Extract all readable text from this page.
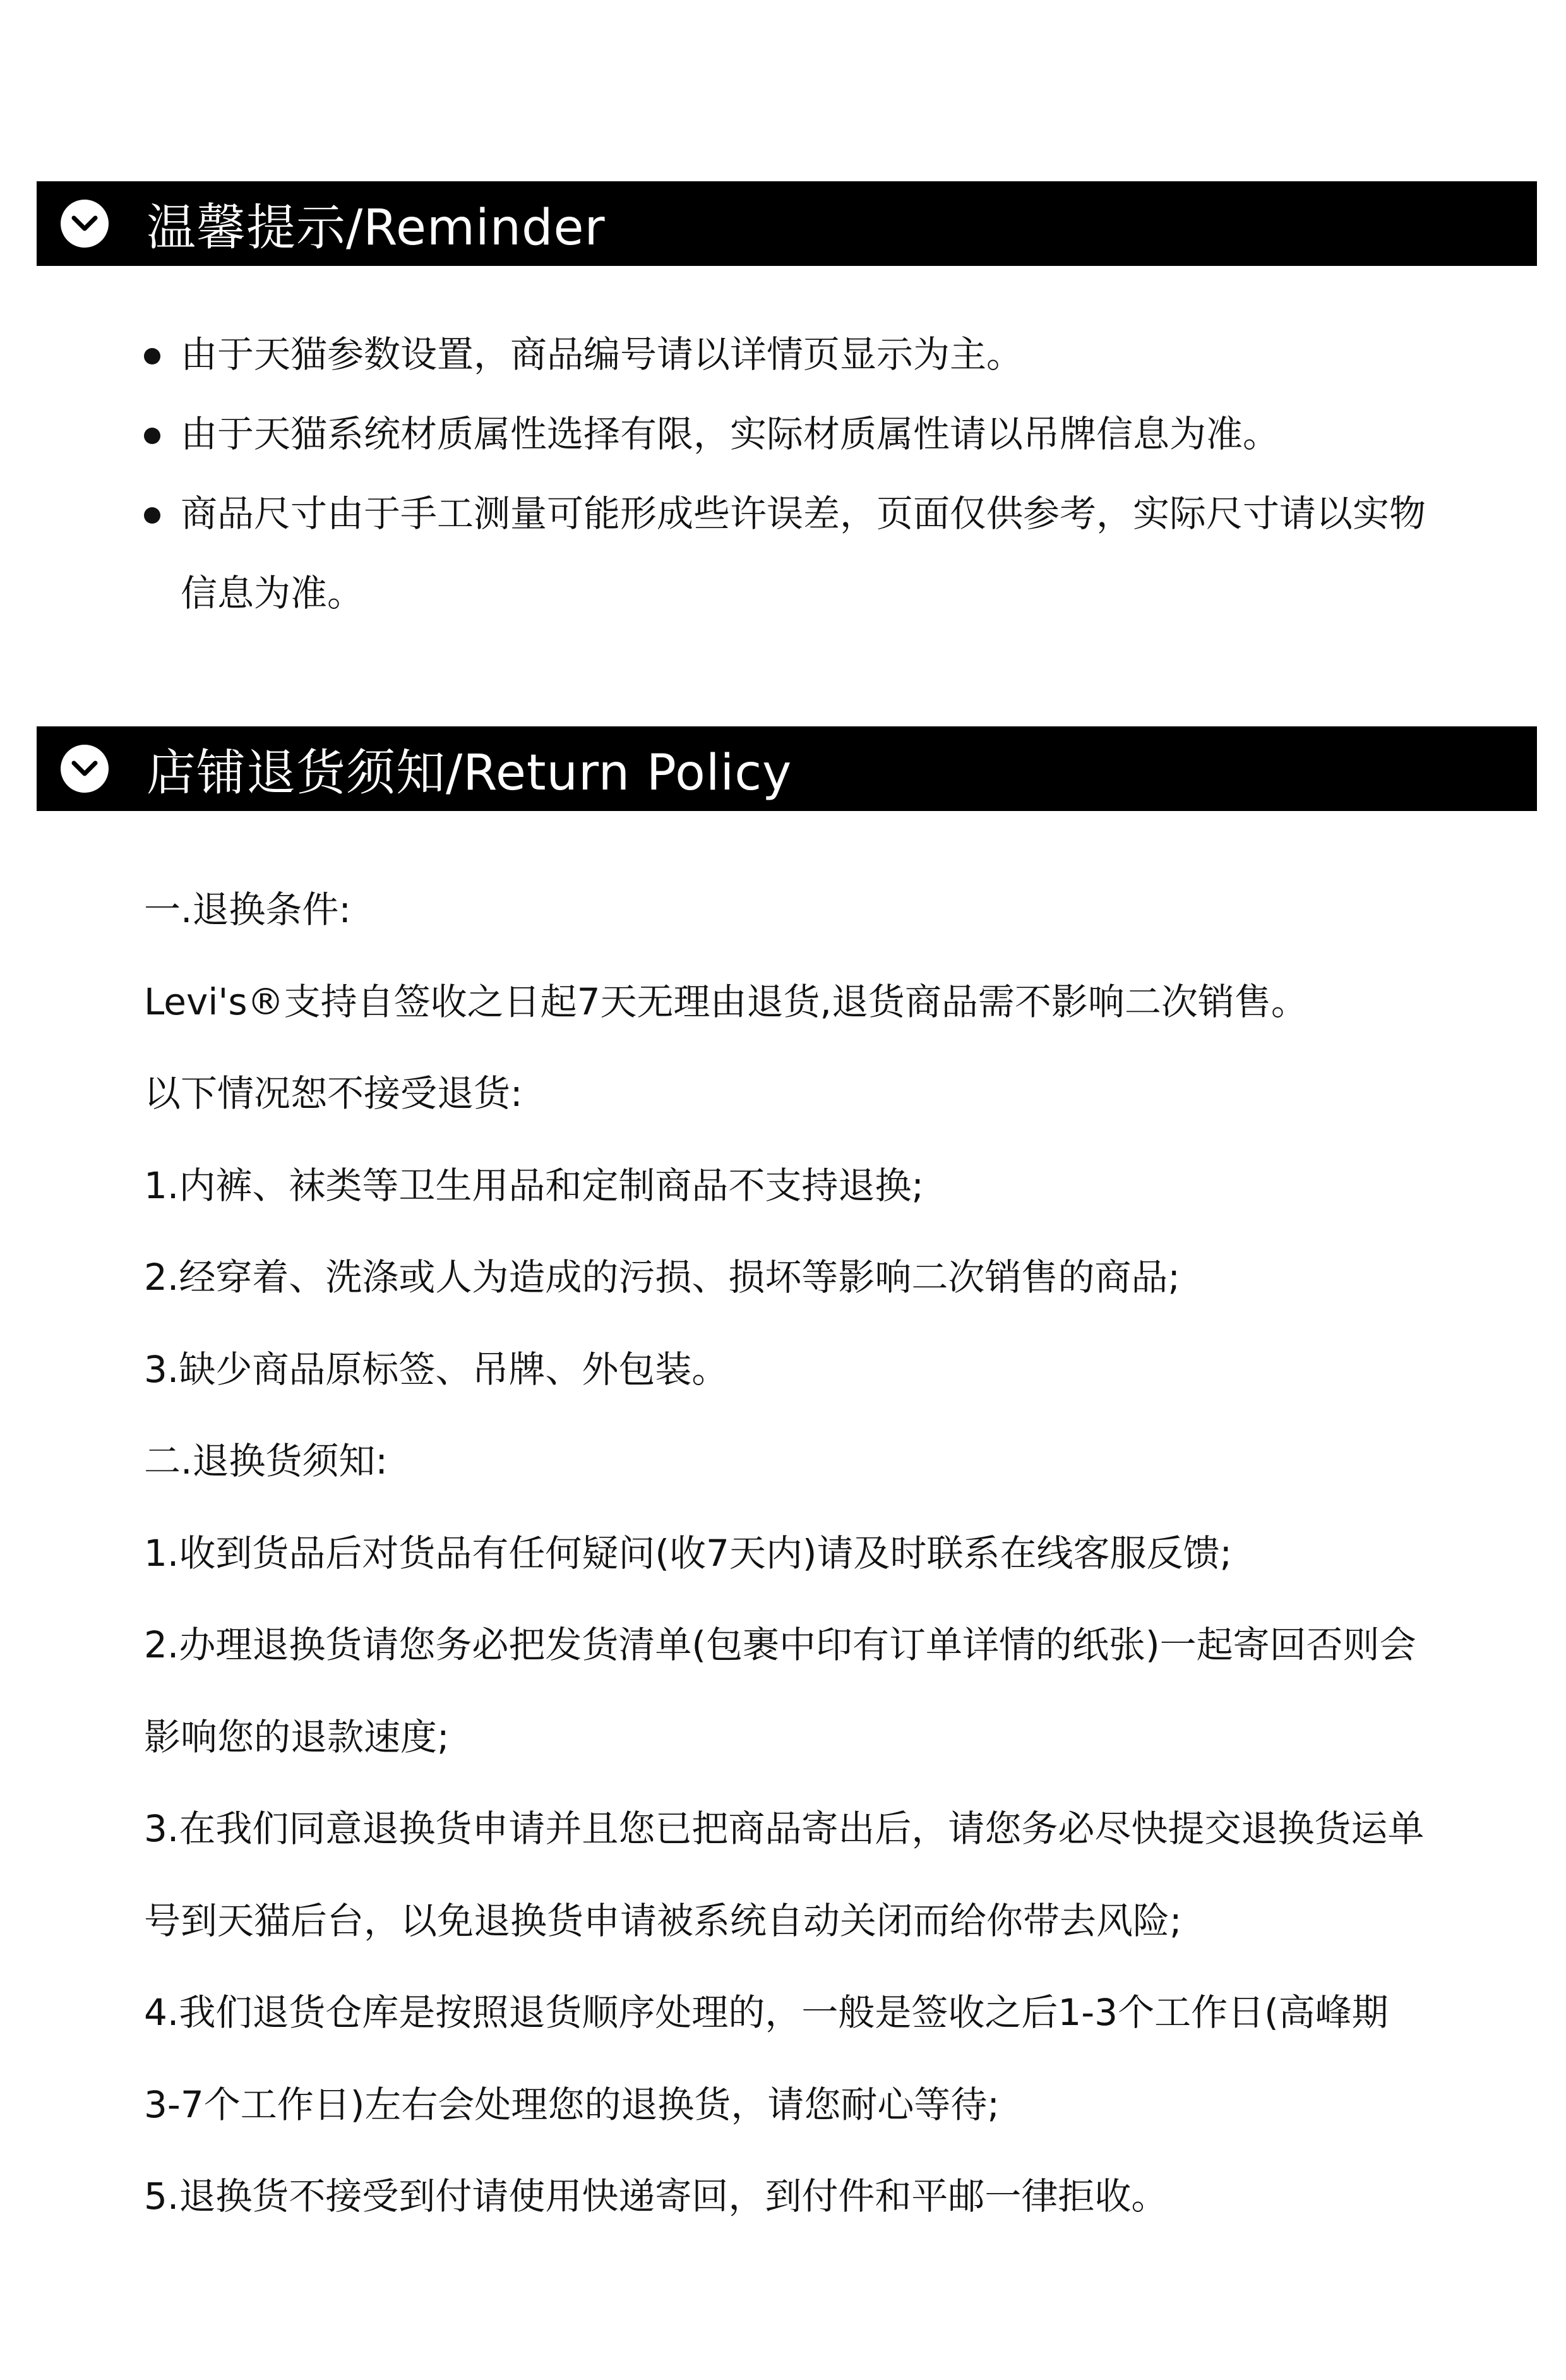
温馨提示/Reminder
由于天猫参数设置，商品编号请以详情页显示为主。
由于天猫系统材质属性选择有限，实际材质属性请以吊牌信息为准。
商品尺寸由于手工测量可能形成些许误差，页面仅供参考，实际尺寸请以实物信息为准。
店铺退货须知/Return Policy

一.退换条件:

Levi's®支持自签收之日起7天无理由退货,退货商品需不影响二次销售。

以下情况恕不接受退货:

1.内裤、袜类等卫生用品和定制商品不支持退换;

2.经穿着、洗涤或人为造成的污损、损坏等影响二次销售的商品;

3.缺少商品原标签、吊牌、外包装。

二.退换货须知:

1.收到货品后对货品有任何疑问(收7天内)请及时联系在线客服反馈;

2.办理退换货请您务必把发货清单(包裹中印有订单详情的纸张)一起寄回否则会影响您的退款速度;

3.在我们同意退换货申请并且您已把商品寄出后，请您务必尽快提交退换货运单号到天猫后台，以免退换货申请被系统自动关闭而给你带去风险;

4.我们退货仓库是按照退货顺序处理的，一般是签收之后1-3个工作日(高峰期3-7个工作日)左右会处理您的退换货，请您耐心等待;

5.退换货不接受到付请使用快递寄回，到付件和平邮一律拒收。
